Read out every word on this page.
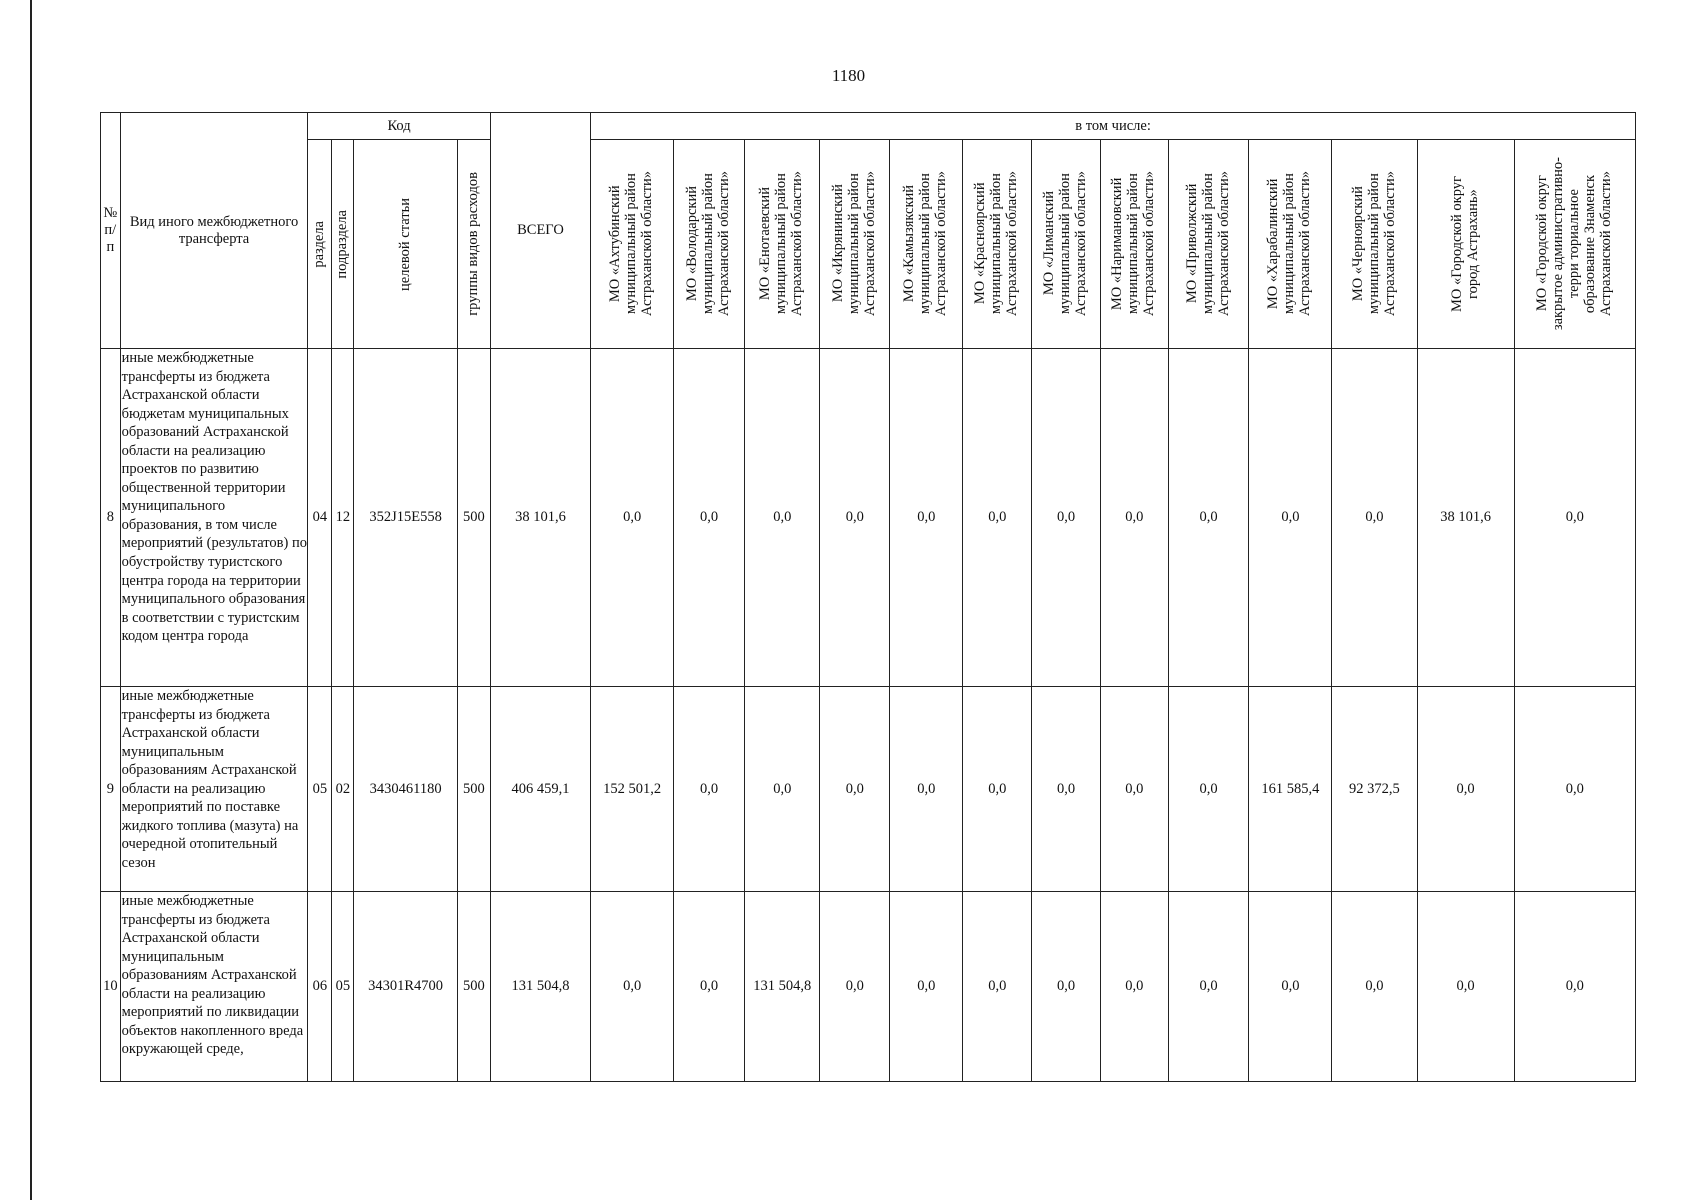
1180
№ п/п	Вид иного межбюджетного трансферта	Код				ВСЕГО	в том числе:												

		раздела	подраздела	целевой статьи	группы видов расходов		МО «Ахтубинский
муниципальный район
Астраханской области»	МО «Володарский
муниципальный район
Астраханской области»	МО «Енотаевский
муниципальный район
Астраханской области»	МО «Икрянинский
муниципальный район
Астраханской области»	МО «Камызякский
муниципальный район
Астраханской области»	МО «Красноярский
муниципальный район
Астраханской области»	МО «Лиманский
муниципальный район
Астраханской области»	МО «Наримановский
муниципальный район
Астраханской области»	МО «Приволжский
муниципальный район
Астраханской области»	МО «Харабалинский
муниципальный район
Астраханской области»	МО «Черноярский
муниципальный район
Астраханской области»	МО «Городской округ
город Астрахань»	МО «Городской округ
закрытое административно-
терри ториальное
образование Знаменск
Астраханской области»

8	иные межбюджетные трансферты из бюджета Астраханской области бюджетам муниципальных образований Астраханской области на реализацию проектов по развитию общественной территории муниципального образования, в том числе мероприятий (результатов) по обустройству туристского центра города на территории муниципального образования в соответствии с туристским кодом центра города	04	12	352J15E558	500	38 101,6	0,0	0,0	0,0	0,0	0,0	0,0	0,0	0,0	0,0	0,0	0,0	38 101,6	0,0
9	иные межбюджетные трансферты из бюджета Астраханской области муниципальным образованиям Астраханской области на реализацию мероприятий по поставке жидкого топлива (мазута) на очередной отопительный сезон	05	02	3430461180	500	406 459,1	152 501,2	0,0	0,0	0,0	0,0	0,0	0,0	0,0	0,0	161 585,4	92 372,5	0,0	0,0
10	иные межбюджетные трансферты из бюджета Астраханской области муниципальным образованиям Астраханской области на реализацию мероприятий по ликвидации объектов накопленного вреда окружающей среде,	06	05	34301R4700	500	131 504,8	0,0	0,0	131 504,8	0,0	0,0	0,0	0,0	0,0	0,0	0,0	0,0	0,0	0,0
